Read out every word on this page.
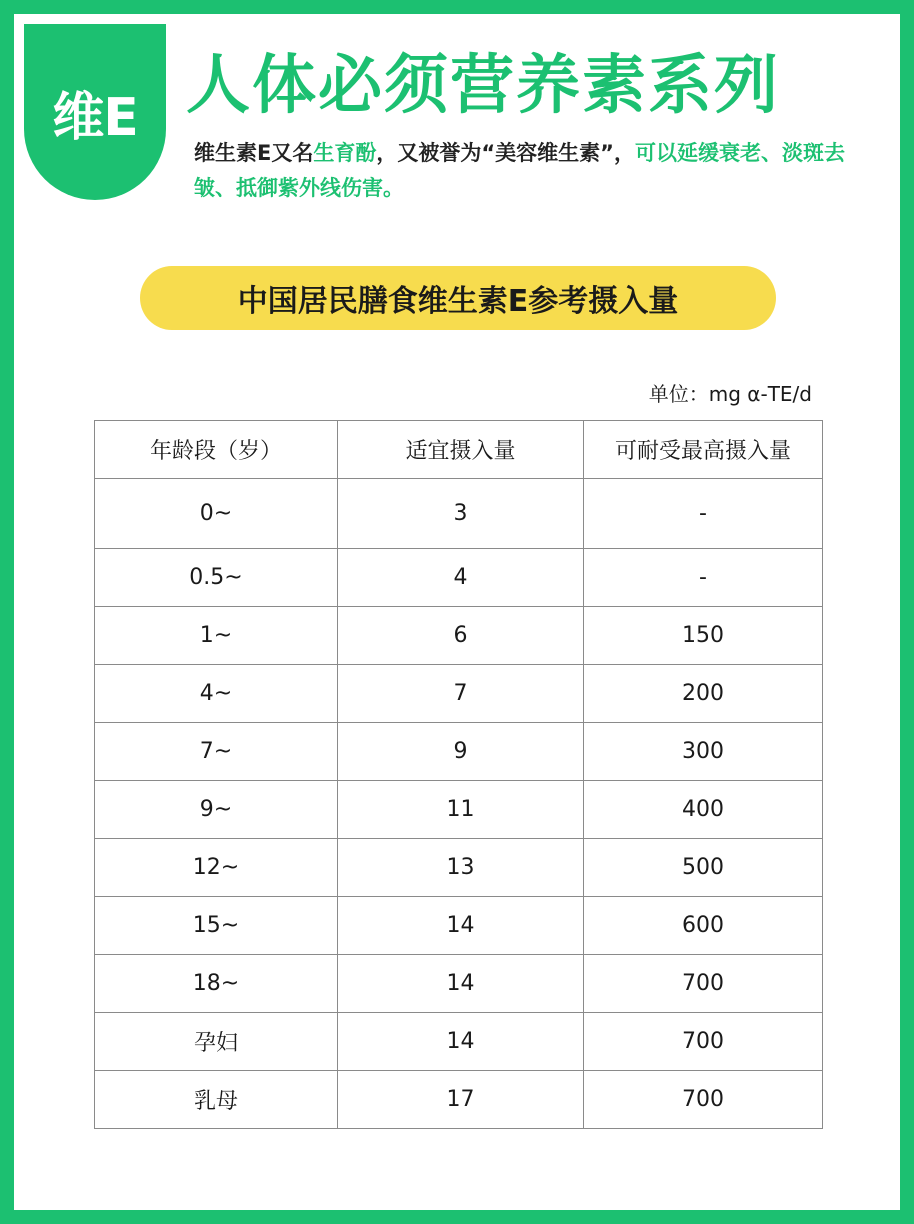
维E 人体必须营养素系列
维生素E又名生育酚，又被誉为“美容维生素”，可以延缓衰老、淡斑去皱、抵御紫外线伤害。
中国居民膳食维生素E参考摄入量
单位：mg α-TE/d
年龄段（岁）	适宜摄入量	可耐受最高摄入量
0~	3	-
0.5~	4	-
1~	6	150
4~	7	200
7~	9	300
9~	11	400
12~	13	500
15~	14	600
18~	14	700
孕妇	14	700
乳母	17	700
